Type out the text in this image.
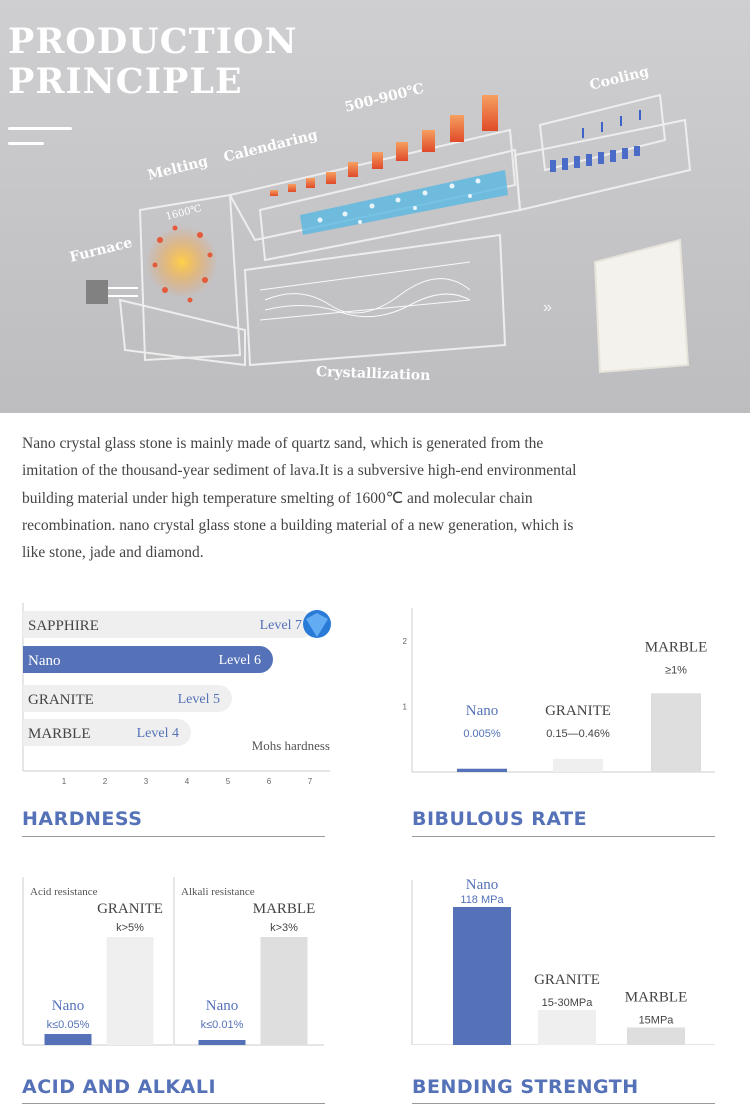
»
PRODUCTION
PRINCIPLE
Furnace
Melting
1600℃
Calendaring
500-900℃
Cooling
Crystallization

Nano crystal glass stone is mainly made of quartz sand, which is generated from the

imitation of the thousand-year sediment of lava.It is a subversive high-end environmental

building material under high temperature smelting of 1600℃ and molecular chain

recombination. nano crystal glass stone a building material of a new generation, which is

like stone, jade and diamond.

SAPPHIRE	Level 7
Nano	Level 6
GRANITE	Level 5
MARBLE	Level 4
Mohs hardness
1	2	3	4	5	6	7
2
1	Nano
0.005%
GRANITE
0.15—0.46%
MARBLE
≥1%
Acid resistance
Nano
k≤0.05%
GRANITE
k>5%
Alkali resistance
Nano
k≤0.01%
MARBLE
k>3%
Nano
118 MPa
GRANITE
15-30MPa MARBLE
15MPa
HARDNESS	BIBULOUS RATE
ACID AND ALKALI	BENDING STRENGTH
